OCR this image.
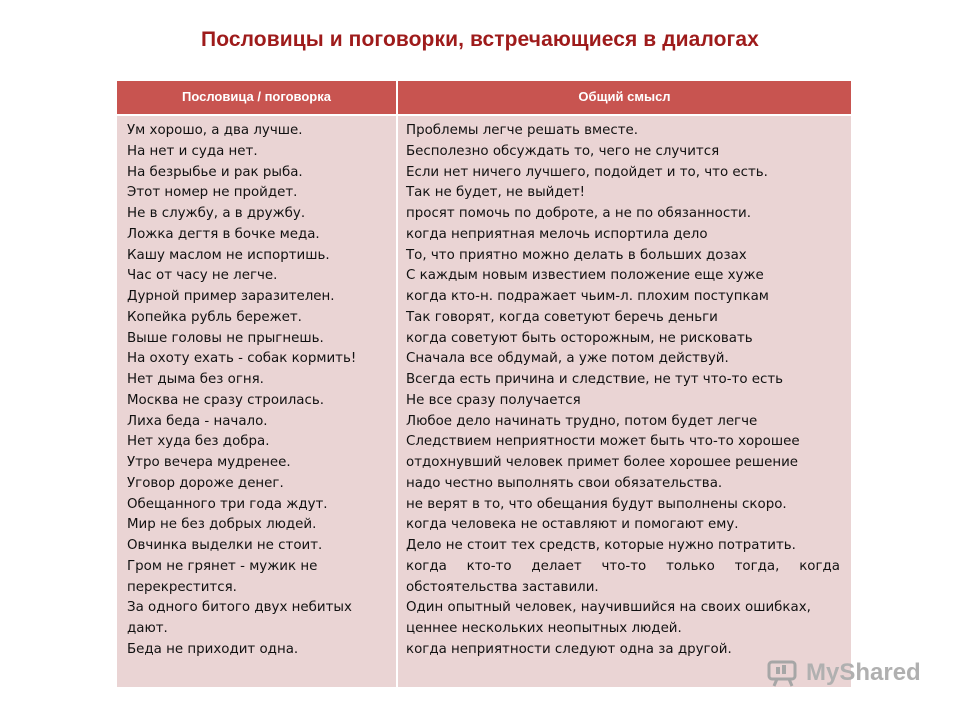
Пословицы и поговорки, встречающиеся в диалогах
Пословица / поговорка	Общий смысл
Ум хорошо, а два лучше.
На нет и суда нет.
На безрыбье и рак рыба.
Этот номер не пройдет.
Не в службу, а в дружбу.
Ложка дегтя в бочке меда.
Кашу маслом не испортишь.
Час от часу не легче.
Дурной пример заразителен.
Копейка рубль бережет.
Выше головы не прыгнешь.
На охоту ехать - собак кормить!
Нет дыма без огня.
Москва не сразу строилась.
Лиха беда - начало.
Нет худа без добра.
Утро вечера мудренее.
Уговор дороже денег.
Обещанного три года ждут.
Мир не без добрых людей.
Овчинка выделки не стоит.
Гром не грянет - мужик не
перекрестится.
За одного битого двух небитых
дают.
Беда не приходит одна.
Проблемы легче решать вместе.
Бесполезно обсуждать то, чего не случится
Если нет ничего лучшего, подойдет и то, что есть.
Так не будет, не выйдет!
просят помочь по доброте, а не по обязанности.
когда неприятная мелочь испортила дело
То, что приятно можно делать в больших дозах
С каждым новым известием положение еще хуже
когда кто-н. подражает чьим-л. плохим поступкам
Так говорят, когда советуют беречь деньги
когда советуют быть осторожным, не рисковать
Сначала все обдумай, а уже потом действуй.
Всегда есть причина и следствие, не тут что-то есть
Не все сразу получается
Любое дело начинать трудно, потом будет легче
Следствием неприятности может быть что-то хорошее
отдохнувший человек примет более хорошее решение
надо честно выполнять свои обязательства.
не верят в то, что обещания будут выполнены скоро.
когда человека не оставляют и помогают ему.
Дело не стоит тех средств, которые нужно потратить.
когда кто-то делает что-то только тогда, когда
обстоятельства заставили.
Один опытный человек, научившийся на своих ошибках,
ценнее нескольких неопытных людей.
когда неприятности следуют одна за другой.
MyShared
